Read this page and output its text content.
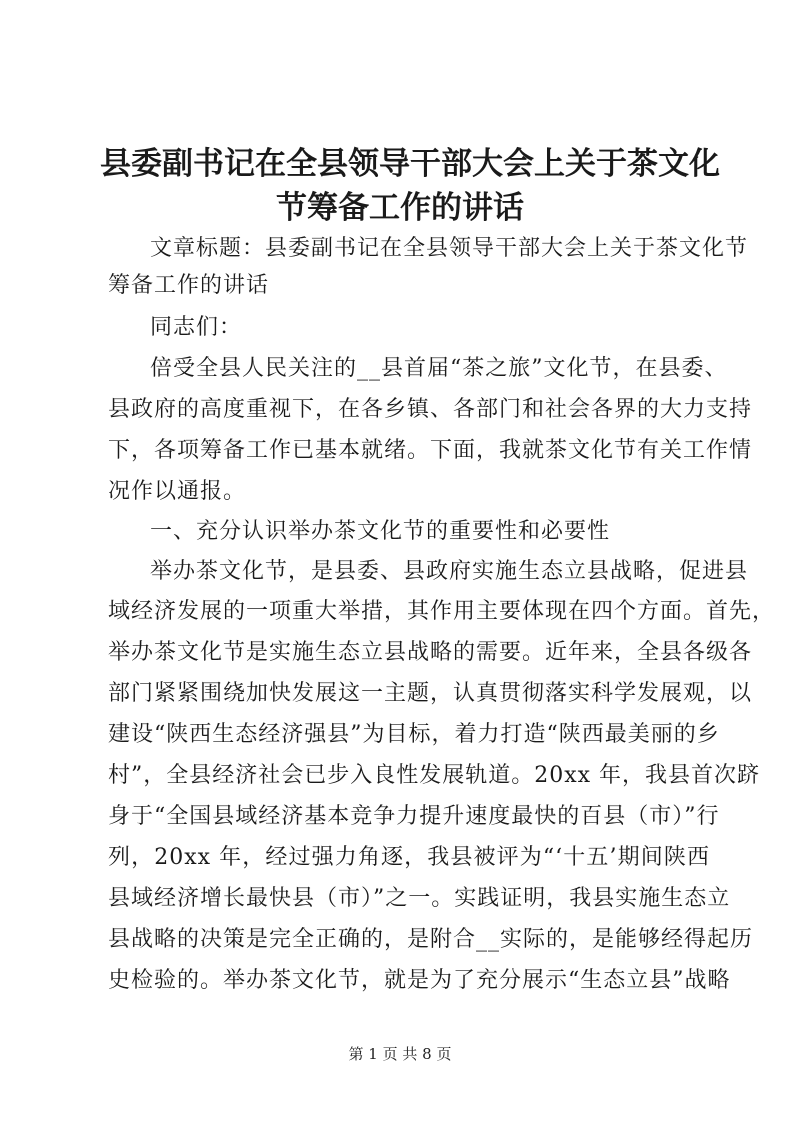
县委副书记在全县领导干部大会上关于茶文化
节筹备工作的讲话
文章标题：县委副书记在全县领导干部大会上关于茶文化节
筹备工作的讲话
同志们：
倍受全县人民关注的__县首届“茶之旅”文化节，在县委、
县政府的高度重视下，在各乡镇、各部门和社会各界的大力支持
下，各项筹备工作已基本就绪。下面，我就茶文化节有关工作情
况作以通报。
一、充分认识举办茶文化节的重要性和必要性
举办茶文化节，是县委、县政府实施生态立县战略，促进县
域经济发展的一项重大举措，其作用主要体现在四个方面。首先，
举办茶文化节是实施生态立县战略的需要。近年来，全县各级各
部门紧紧围绕加快发展这一主题，认真贯彻落实科学发展观，以
建设“陕西生态经济强县”为目标，着力打造“陕西最美丽的乡
村”，全县经济社会已步入良性发展轨道。20xx 年，我县首次跻
身于“全国县域经济基本竞争力提升速度最快的百县（市）”行
列，20xx 年，经过强力角逐，我县被评为“‘十五’期间陕西
县域经济增长最快县（市）”之一。实践证明，我县实施生态立
县战略的决策是完全正确的，是附合__实际的，是能够经得起历
史检验的。举办茶文化节，就是为了充分展示“生态立县”战略
第 1 页 共 8 页
